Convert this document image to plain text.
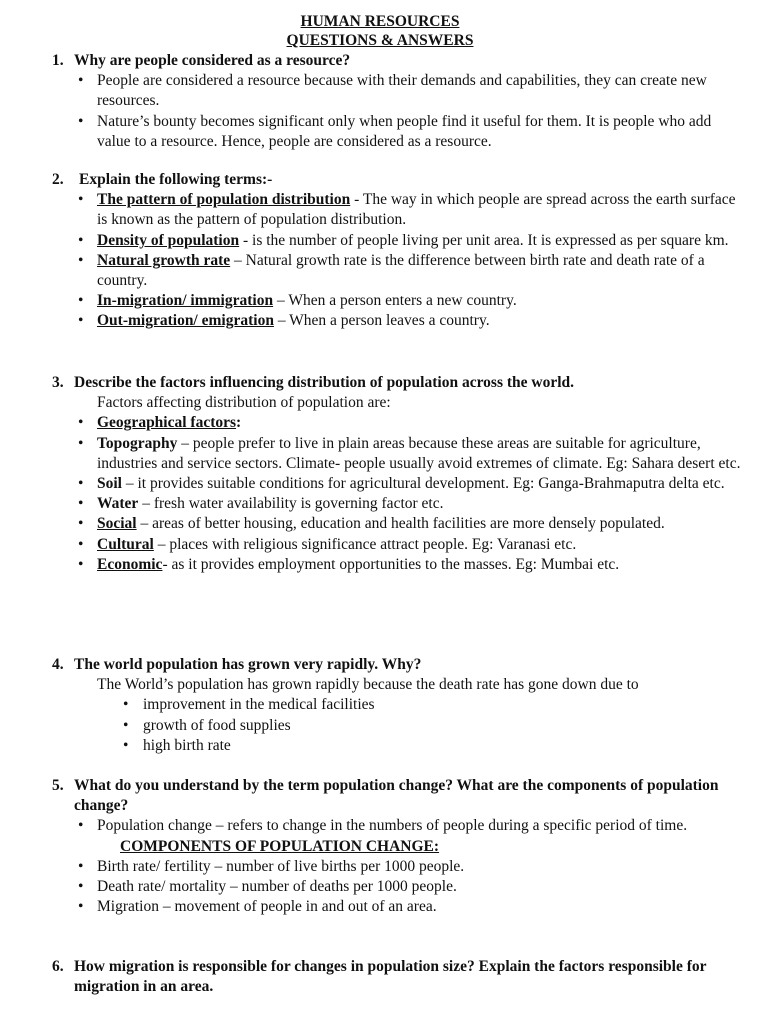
HUMAN RESOURCES
QUESTIONS & ANSWERS
1. Why are people considered as a resource?
• People are considered a resource because with their demands and capabilities, they can create new resources.
• Nature’s bounty becomes significant only when people find it useful for them. It is people who add value to a resource. Hence, people are considered as a resource.
2. Explain the following terms:-
• The pattern of population distribution - The way in which people are spread across the earth surface is known as the pattern of population distribution.
• Density of population - is the number of people living per unit area. It is expressed as per square km.
• Natural growth rate – Natural growth rate is the difference between birth rate and death rate of a country.
• In-migration/ immigration – When a person enters a new country.
• Out-migration/ emigration – When a person leaves a country.
3. Describe the factors influencing distribution of population across the world.
Factors affecting distribution of population are:
• Geographical factors:
• Topography – people prefer to live in plain areas because these areas are suitable for agriculture, industries and service sectors. Climate- people usually avoid extremes of climate. Eg: Sahara desert etc.
• Soil – it provides suitable conditions for agricultural development. Eg: Ganga-Brahmaputra delta etc.
• Water – fresh water availability is governing factor etc.
• Social – areas of better housing, education and health facilities are more densely populated.
• Cultural – places with religious significance attract people. Eg: Varanasi etc.
• Economic- as it provides employment opportunities to the masses. Eg: Mumbai etc.
4. The world population has grown very rapidly. Why?
The World’s population has grown rapidly because the death rate has gone down due to
• improvement in the medical facilities
• growth of food supplies
• high birth rate
5. What do you understand by the term population change? What are the components of population change?
• Population change – refers to change in the numbers of people during a specific period of time.
COMPONENTS OF POPULATION CHANGE:
• Birth rate/ fertility – number of live births per 1000 people.
• Death rate/ mortality – number of deaths per 1000 people.
• Migration – movement of people in and out of an area.
6. How migration is responsible for changes in population size? Explain the factors responsible for migration in an area.
